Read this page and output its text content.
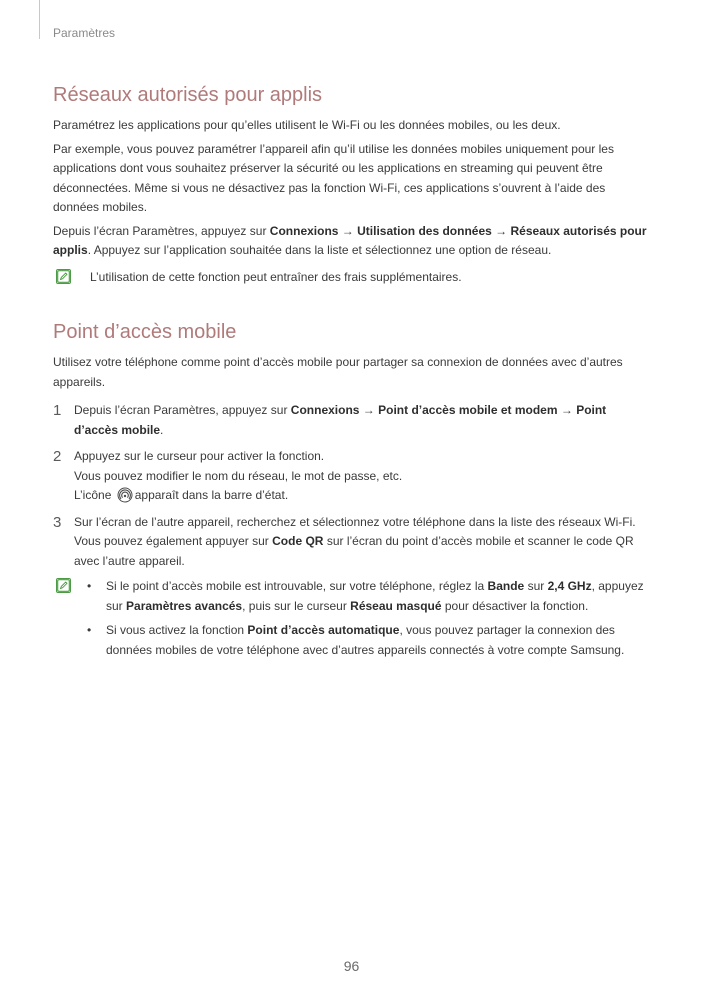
Paramètres
Réseaux autorisés pour applis

Paramétrez les applications pour qu’elles utilisent le Wi-Fi ou les données mobiles, ou les deux.

Par exemple, vous pouvez paramétrer l’appareil afin qu’il utilise les données mobiles uniquement pour les applications dont vous souhaitez préserver la sécurité ou les applications en streaming qui peuvent être déconnectées. Même si vous ne désactivez pas la fonction Wi-Fi, ces applications s’ouvrent à l’aide des données mobiles.

Depuis l’écran Paramètres, appuyez sur Connexions → Utilisation des données → Réseaux autorisés pour applis. Appuyez sur l’application souhaitée dans la liste et sélectionnez une option de réseau.

L’utilisation de cette fonction peut entraîner des frais supplémentaires.
Point d’accès mobile

Utilisez votre téléphone comme point d’accès mobile pour partager sa connexion de données avec d’autres appareils.

1	Depuis l’écran Paramètres, appuyez sur Connexions → Point d’accès mobile et modem → Point d’accès mobile.
2	Appuyez sur le curseur pour activer la fonction.
Vous pouvez modifier le nom du réseau, le mot de passe, etc.
L’icône apparaît dans la barre d’état.
3	Sur l’écran de l’autre appareil, recherchez et sélectionnez votre téléphone dans la liste des réseaux Wi-Fi.
Vous pouvez également appuyer sur Code QR sur l’écran du point d’accès mobile et scanner le code QR avec l’autre appareil.
•	Si le point d’accès mobile est introuvable, sur votre téléphone, réglez la Bande sur 2,4 GHz, appuyez sur Paramètres avancés, puis sur le curseur Réseau masqué pour désactiver la fonction.
•	Si vous activez la fonction Point d’accès automatique, vous pouvez partager la connexion des données mobiles de votre téléphone avec d’autres appareils connectés à votre compte Samsung.
96
